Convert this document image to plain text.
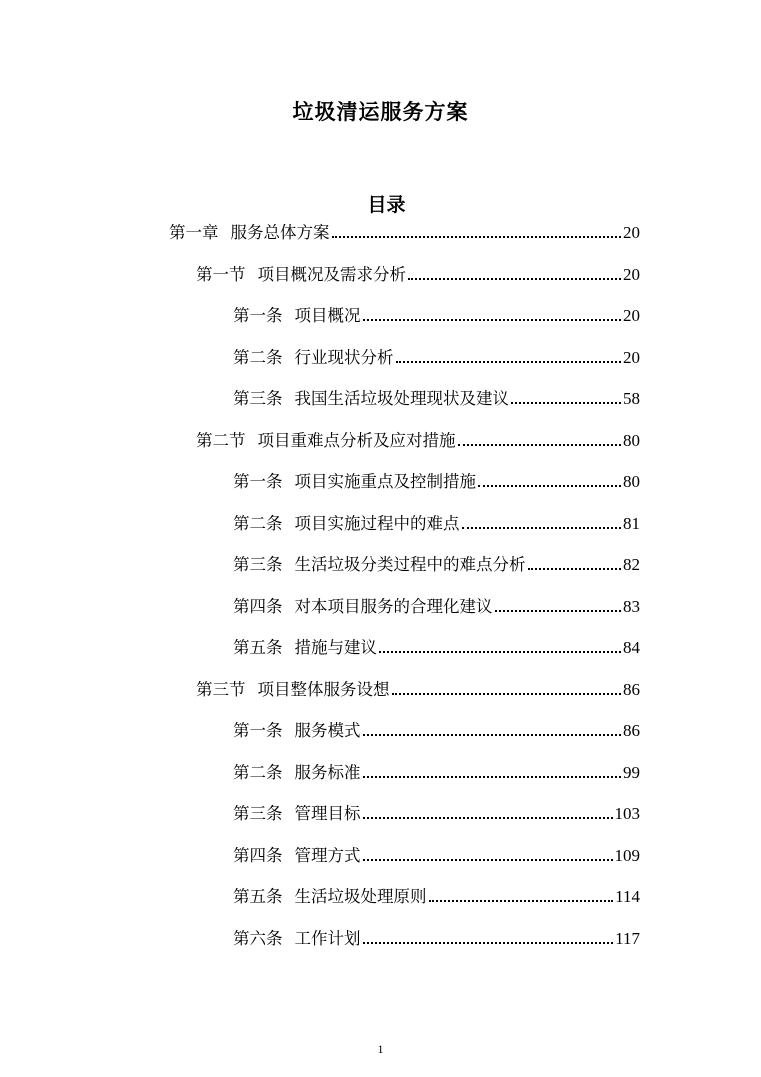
垃圾清运服务方案
目录
第一章 服务总体方案	20
第一节 项目概况及需求分析	20
第一条 项目概况	20
第二条 行业现状分析	20
第三条 我国生活垃圾处理现状及建议	58
第二节 项目重难点分析及应对措施	80
第一条 项目实施重点及控制措施	80
第二条 项目实施过程中的难点	81
第三条 生活垃圾分类过程中的难点分析	82
第四条 对本项目服务的合理化建议	83
第五条 措施与建议	84
第三节 项目整体服务设想	86
第一条 服务模式	86
第二条 服务标准	99
第三条 管理目标	103
第四条 管理方式	109
第五条 生活垃圾处理原则	114
第六条 工作计划	117
1
